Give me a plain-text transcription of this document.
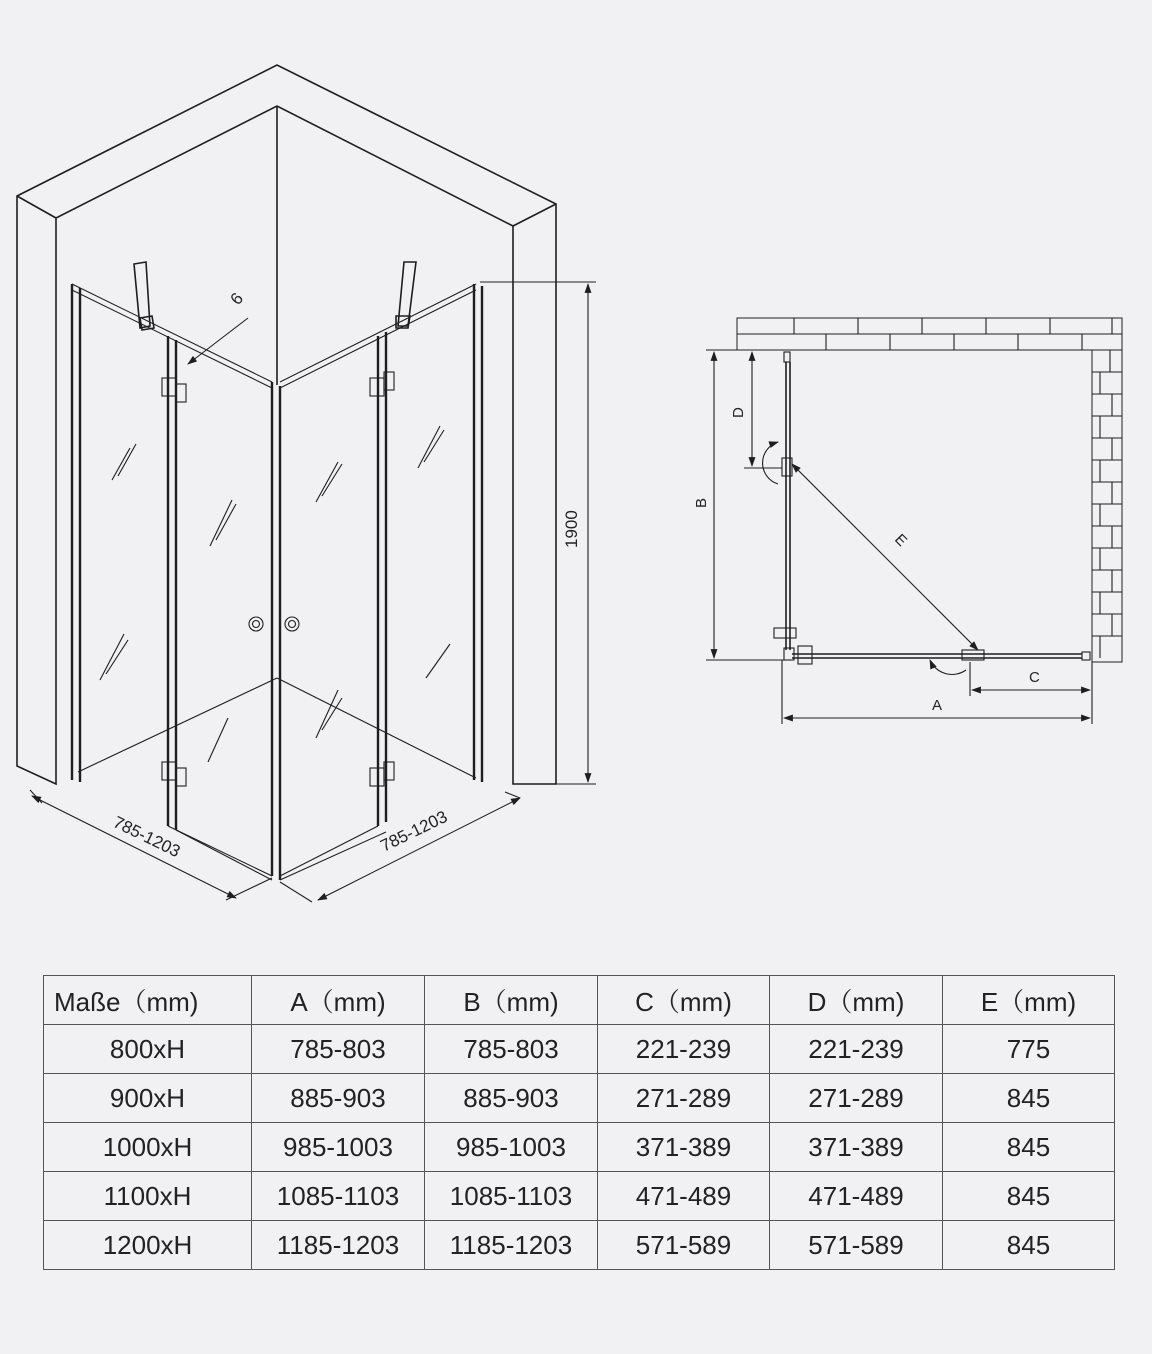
6
1900
785-1203	785-1203
B
D
E
C
A
Maße（mm)	A（mm)	B（mm)	C（mm)	D（mm)	E（mm)
800xH	785-803	785-803	221-239	221-239	775
900xH	885-903	885-903	271-289	271-289	845
1000xH	985-1003	985-1003	371-389	371-389	845
1100xH	1085-1103	1085-1103	471-489	471-489	845
1200xH	1185-1203	1185-1203	571-589	571-589	845
